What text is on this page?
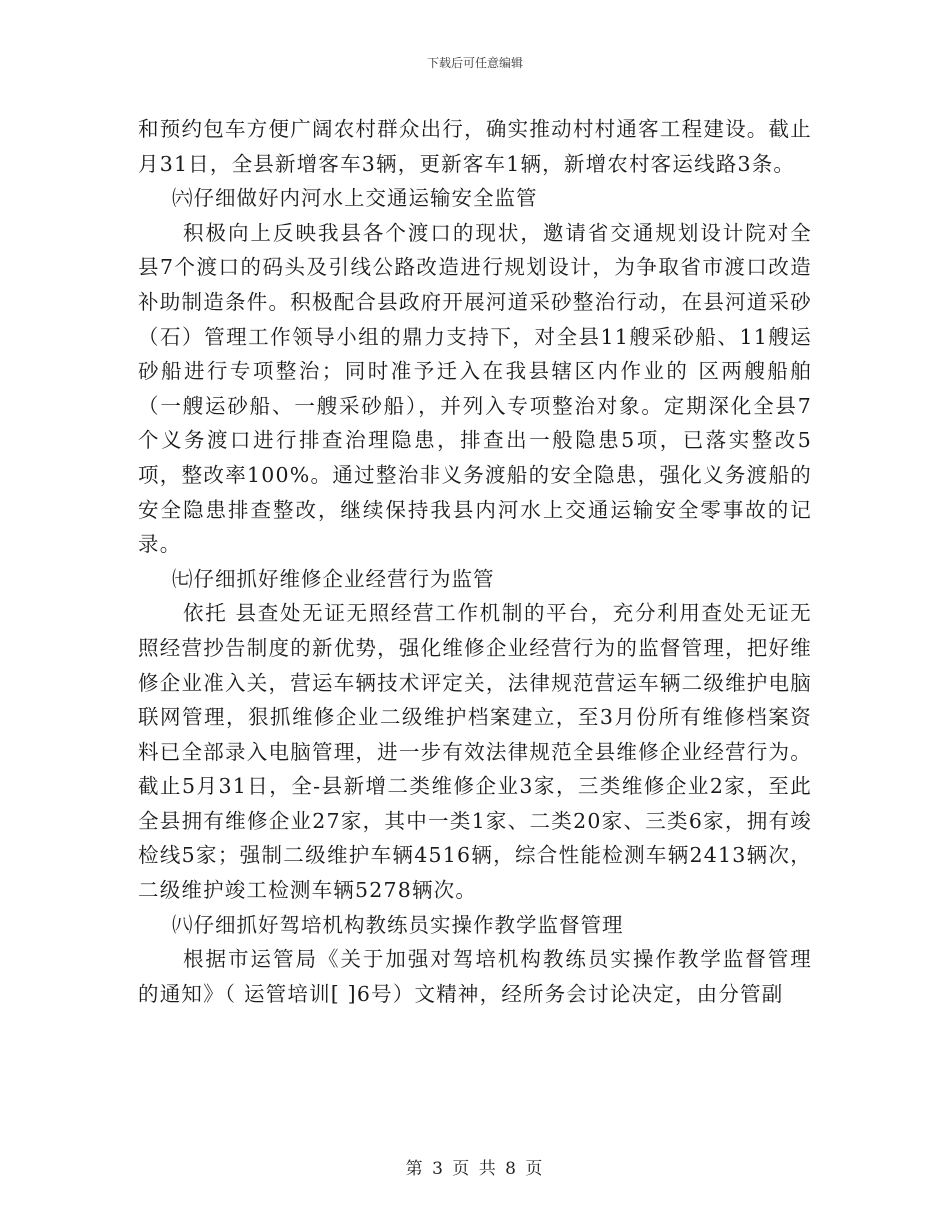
下载后可任意编辑

和预约包车方便广阔农村群众出行，确实推动村村通客工程建设。截止 月31日，全县新增客车3辆，更新客车1辆，新增农村客运线路3条。

㈥仔细做好内河水上交通运输安全监管

积极向上反映我县各个渡口的现状，邀请省交通规划设计院对全县7个渡口的码头及引线公路改造进行规划设计，为争取省市渡口改造补助制造条件。积极配合县政府开展河道采砂整治行动，在县河道采砂（石）管理工作领导小组的鼎力支持下，对全县11艘采砂船、11艘运砂船进行专项整治；同时准予迁入在我县辖区内作业的 区两艘船舶（一艘运砂船、一艘采砂船），并列入专项整治对象。定期深化全县7个义务渡口进行排查治理隐患，排查出一般隐患5项，已落实整改5项，整改率100%。通过整治非义务渡船的安全隐患，强化义务渡船的安全隐患排查整改，继续保持我县内河水上交通运输安全零事故的记录。

㈦仔细抓好维修企业经营行为监管

依托 县查处无证无照经营工作机制的平台，充分利用查处无证无照经营抄告制度的新优势，强化维修企业经营行为的监督管理，把好维修企业准入关，营运车辆技术评定关，法律规范营运车辆二级维护电脑联网管理，狠抓维修企业二级维护档案建立，至3月份所有维修档案资料已全部录入电脑管理，进一步有效法律规范全县维修企业经营行为。截止5月31日，全-县新增二类维修企业3家，三类维修企业2家，至此全县拥有维修企业27家，其中一类1家、二类20家、三类6家，拥有竣检线5家；强制二级维护车辆4516辆，综合性能检测车辆2413辆次，二级维护竣工检测车辆5278辆次。

㈧仔细抓好驾培机构教练员实操作教学监督管理

根据市运管局《关于加强对驾培机构教练员实操作教学监督管理的通知》（ 运管培训[ ]6号）文精神，经所务会讨论决定，由分管副

第 3 页 共 8 页
